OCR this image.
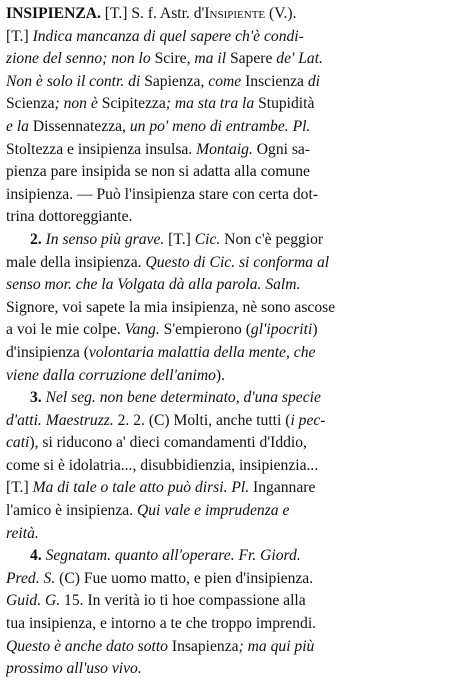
INSIPIENZA. [T.] S. f. Astr. d'Insipiente (V.).
[T.] Indica mancanza di quel sapere ch'è condi-
zione del senno; non lo Scire, ma il Sapere de' Lat.
Non è solo il contr. di Sapienza, come Inscienza di
Scienza; non è Scipitezza; ma sta tra la Stupidità
e la Dissennatezza, un po' meno di entrambe. Pl.
Stoltezza e insipienza insulsa. Montaig. Ogni sa-
pienza pare insipida se non si adatta alla comune
insipienza. — Può l'insipienza stare con certa dot-
trina dottoreggiante.
2. In senso più grave. [T.] Cic. Non c'è peggior
male della insipienza. Questo di Cic. si conforma al
senso mor. che la Volgata dà alla parola. Salm.
Signore, voi sapete la mia insipienza, nè sono ascose
a voi le mie colpe. Vang. S'empierono (gl'ipocriti)
d'insipienza (volontaria malattia della mente, che
viene dalla corruzione dell'animo).
3. Nel seg. non bene determinato, d'una specie
d'atti. Maestruzz. 2. 2. (C) Molti, anche tutti (i pec-
cati), si riducono a' dieci comandamenti d'Iddio,
come si è idolatria..., disubbidienzia, insipienzia...
[T.] Ma di tale o tale atto può dirsi. Pl. Ingannare
l'amico è insipienza. Qui vale e imprudenza e
reità.
4. Segnatam. quanto all'operare. Fr. Giord.
Pred. S. (C) Fue uomo matto, e pien d'insipienza.
Guid. G. 15. In verità io ti hoe compassione alla
tua insipienza, e intorno a te che troppo imprendi.
Questo è anche dato sotto Insapienza; ma qui più
prossimo all'uso vivo.
